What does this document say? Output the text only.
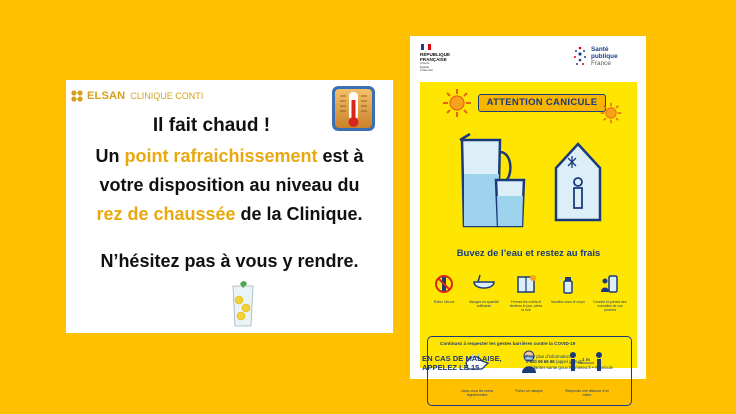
ELSAN CLINIQUE CONTI
Il fait chaud !
Un point rafraichissement est à
votre disposition au niveau du
rez de chaussée de la Clinique.
N’hésitez pas à vous y rendre.
RÉPUBLIQUE
FRANÇAISE
Liberté
Égalité
Fraternité
Santé
publique
France
ATTENTION CANICULE
Buvez de l’eau et restez au frais
Évitez l’alcool	Mangez en quantité suffisante
Fermez les volets et fenêtres le jour, aérez la nuit
Mouillez-vous le corps	Donnez et prenez des nouvelles de vos proches
Continuez à respecter les gestes barrières contre la COVID-19
Lavez-vous les mains régulièrement
Portez un masque
1 m
Respectez une distance d’un mètre
EN CAS DE MALAISE,
APPELEZ LE 15
Pour plus d’informations :
0 800 06 66 66 (appel gratuit)
solidarites-sante.gouv.fr • meteo.fr • #canicule
